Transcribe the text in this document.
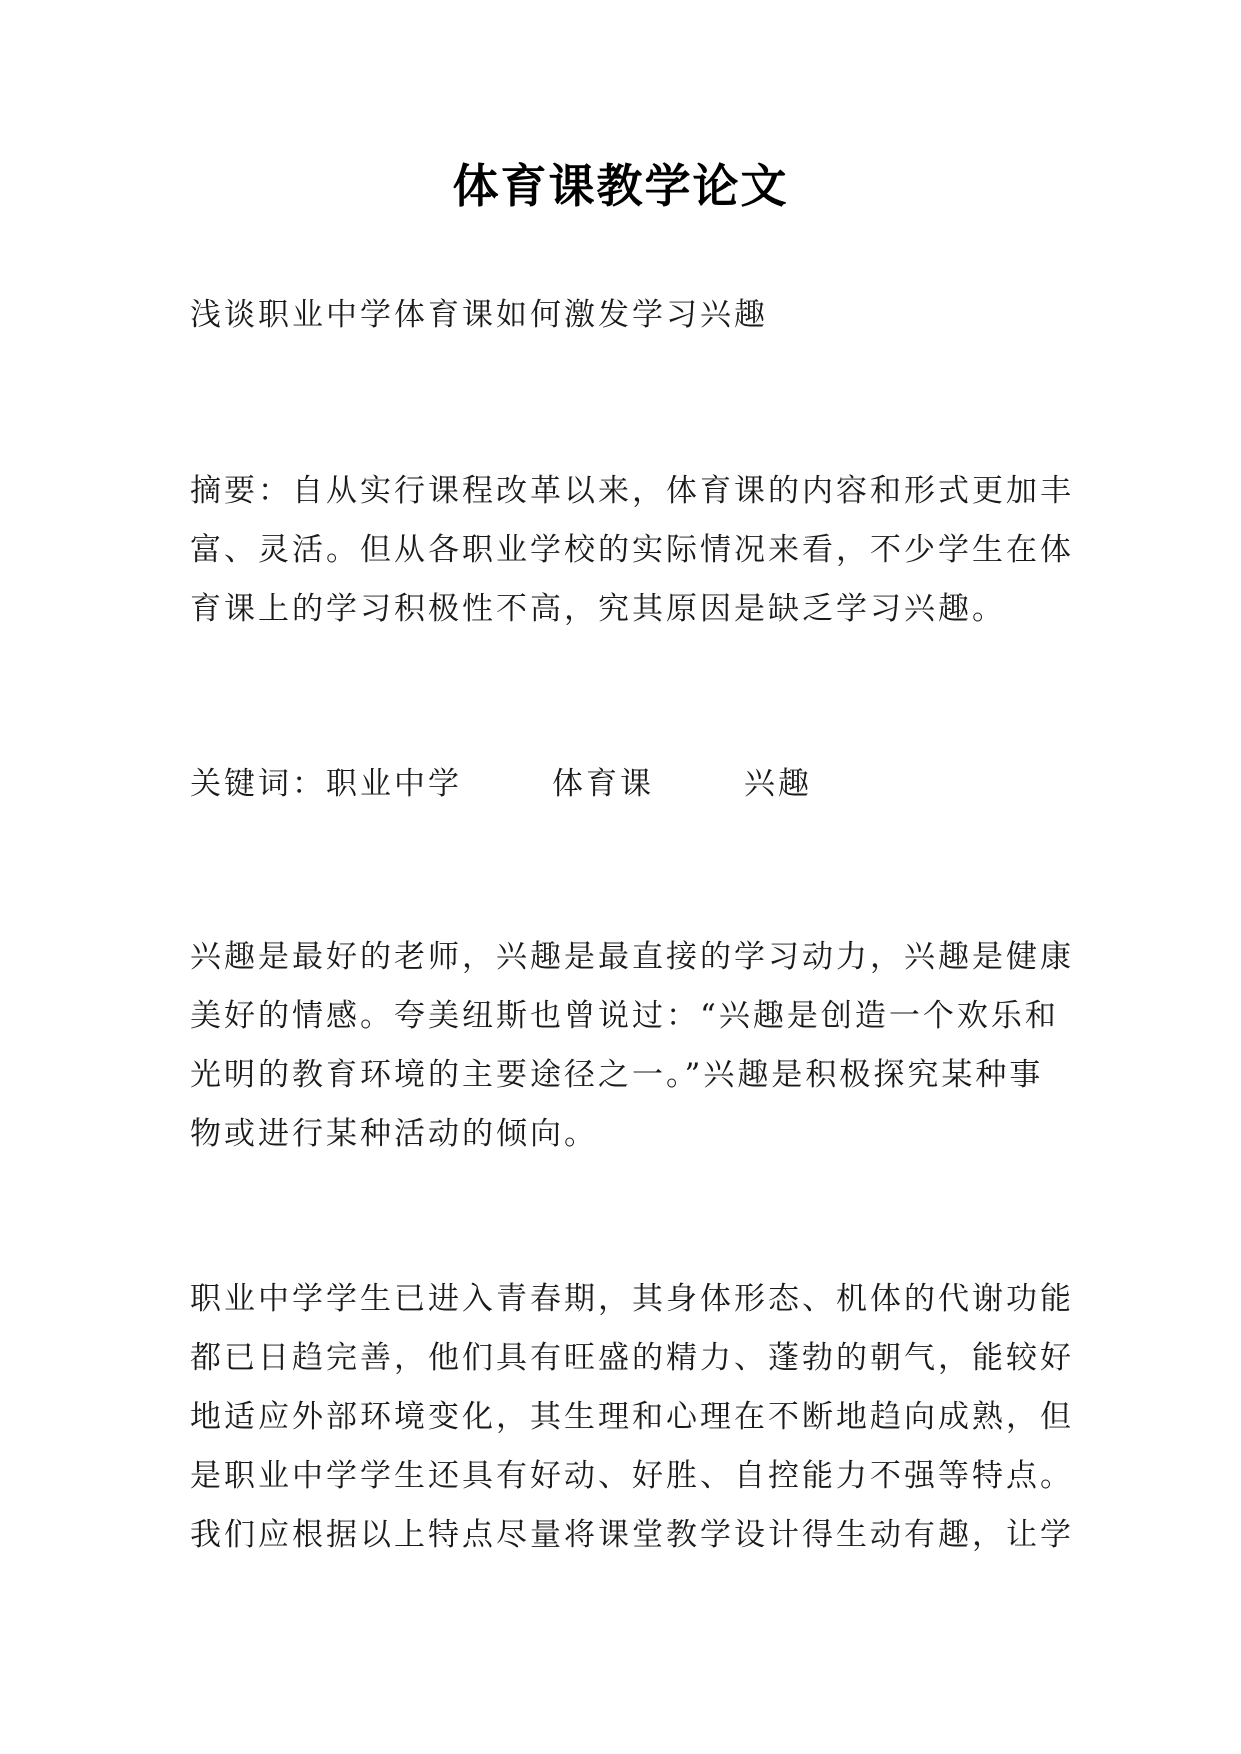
体育课教学论文

浅谈职业中学体育课如何激发学习兴趣

摘要：自从实行课程改革以来，体育课的内容和形式更加丰
富、灵活。但从各职业学校的实际情况来看，不少学生在体
育课上的学习积极性不高，究其原因是缺乏学习兴趣。

关键词：职业中学	体育课	兴趣

兴趣是最好的老师，兴趣是最直接的学习动力，兴趣是健康
美好的情感。夸美纽斯也曾说过：“兴趣是创造一个欢乐和
光明的教育环境的主要途径之一。”兴趣是积极探究某种事
物或进行某种活动的倾向。

职业中学学生已进入青春期，其身体形态、机体的代谢功能
都已日趋完善，他们具有旺盛的精力、蓬勃的朝气，能较好
地适应外部环境变化，其生理和心理在不断地趋向成熟，但
是职业中学学生还具有好动、好胜、自控能力不强等特点。
我们应根据以上特点尽量将课堂教学设计得生动有趣，让学
